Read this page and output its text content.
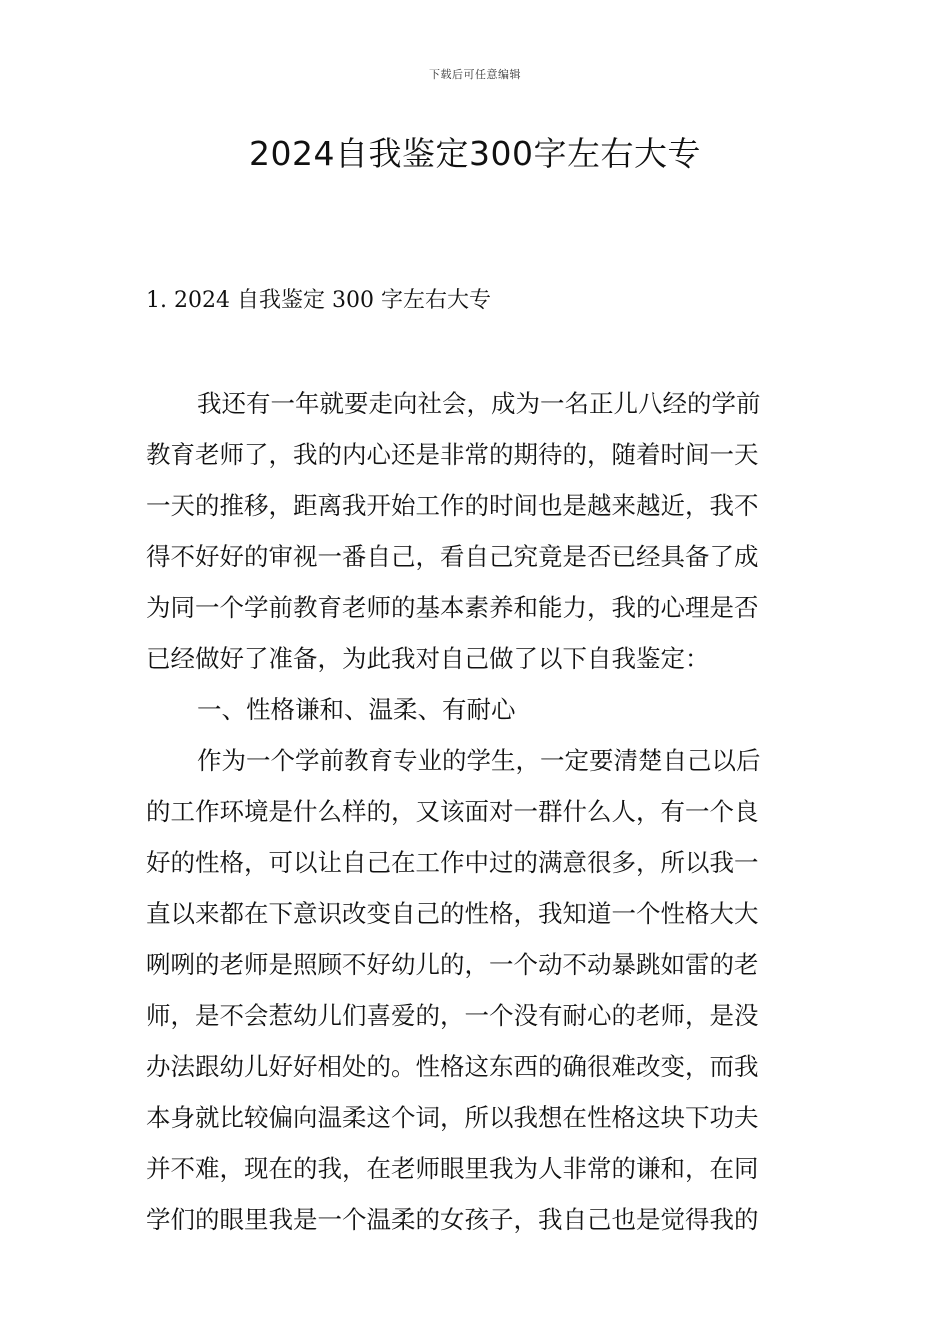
下载后可任意编辑
2024自我鉴定300字左右大专
1. 2024 自我鉴定 300 字左右大专
我还有一年就要走向社会，成为一名正儿八经的学前
教育老师了，我的内心还是非常的期待的，随着时间一天
一天的推移，距离我开始工作的时间也是越来越近，我不
得不好好的审视一番自己，看自己究竟是否已经具备了成
为同一个学前教育老师的基本素养和能力，我的心理是否
已经做好了准备，为此我对自己做了以下自我鉴定：
一、性格谦和、温柔、有耐心
作为一个学前教育专业的学生，一定要清楚自己以后
的工作环境是什么样的，又该面对一群什么人，有一个良
好的性格，可以让自己在工作中过的满意很多，所以我一
直以来都在下意识改变自己的性格，我知道一个性格大大
咧咧的老师是照顾不好幼儿的，一个动不动暴跳如雷的老
师，是不会惹幼儿们喜爱的，一个没有耐心的老师，是没
办法跟幼儿好好相处的。性格这东西的确很难改变，而我
本身就比较偏向温柔这个词，所以我想在性格这块下功夫
并不难，现在的我，在老师眼里我为人非常的谦和，在同
学们的眼里我是一个温柔的女孩子，我自己也是觉得我的
